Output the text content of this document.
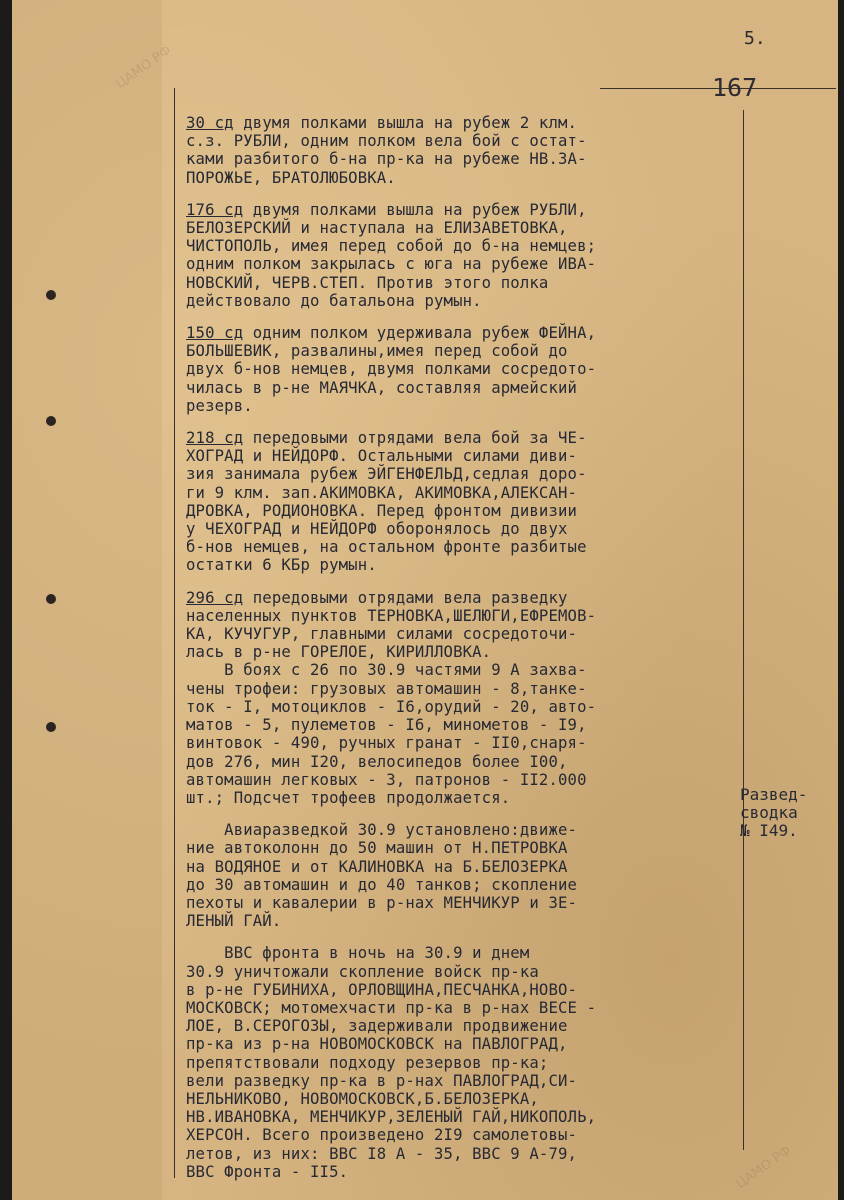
ЦАМО РФ
ЦАМО РФ
5.
167
30 сд двумя полками вышла на рубеж 2 клм.
с.з. РУБЛИ, одним полком вела бой с остат-
ками разбитого б-на пр-ка на рубеже НВ.ЗА-
ПОРОЖЬЕ, БРАТОЛЮБОВКА.
176 сд двумя полками вышла на рубеж РУБЛИ,
БЕЛОЗЕРСКИЙ и наступала на ЕЛИЗАВЕТОВКА,
ЧИСТОПОЛЬ, имея перед собой до б-на немцев;
одним полком закрылась с юга на рубеже ИВА-
НОВСКИЙ, ЧЕРВ.СТЕП. Против этого полка
действовало до батальона румын.
150 сд одним полком удерживала рубеж ФЕЙНА,
БОЛЬШЕВИК, развалины,имея перед собой до
двух б-нов немцев, двумя полками сосредото-
чилась в р-не МАЯЧКА, составляя армейский
резерв.
218 сд передовыми отрядами вела бой за ЧЕ-
ХОГРАД и НЕЙДОРФ. Остальными силами диви-
зия занимала рубеж ЭЙГЕНФЕЛЬД,седлая доро-
ги 9 клм. зап.АКИМОВКА, АКИМОВКА,АЛЕКСАН-
ДРОВКА, РОДИОНОВКА. Перед фронтом дивизии
у ЧЕХОГРАД и НЕЙДОРФ оборонялось до двух
б-нов немцев, на остальном фронте разбитые
остатки 6 КБр румын.
296 сд передовыми отрядами вела разведку
населенных пунктов ТЕРНОВКА,ШЕЛЮГИ,ЕФРЕМОВ-
КА, КУЧУГУР, главными силами сосредоточи-
лась в р-не ГОРЕЛОЕ, КИРИЛЛОВКА.
В боях с 26 по 30.9 частями 9 А захва-
чены трофеи: грузовых автомашин - 8,танке-
ток - I, мотоциклов - I6,орудий - 20, авто-
матов - 5, пулеметов - I6, минометов - I9,
винтовок - 490, ручных гранат - II0,снаря-
дов 276, мин I20, велосипедов более I00,
автомашин легковых - 3, патронов - II2.000
шт.; Подсчет трофеев продолжается.
Авиаразведкой 30.9 установлено:движе-
ние автоколонн до 50 машин от Н.ПЕТРОВКА
на ВОДЯНОЕ и от КАЛИНОВКА на Б.БЕЛОЗЕРКА
до 30 автомашин и до 40 танков; скопление
пехоты и кавалерии в р-нах МЕНЧИКУР и ЗЕ-
ЛЕНЫЙ ГАЙ.
ВВС фронта в ночь на 30.9 и днем
30.9 уничтожали скопление войск пр-ка
в р-не ГУБИНИХА, ОРЛОВЩИНА,ПЕСЧАНКА,НОВО-
МОСКОВСК; мотомехчасти пр-ка в р-нах ВЕСЕ -
ЛОЕ, В.СЕРОГОЗЫ, задерживали продвижение
пр-ка из р-на НОВОМОСКОВСК на ПАВЛОГРАД,
препятствовали подходу резервов пр-ка;
вели разведку пр-ка в р-нах ПАВЛОГРАД,СИ-
НЕЛЬНИКОВО, НОВОМОСКОВСК,Б.БЕЛОЗЕРКА,
НВ.ИВАНОВКА, МЕНЧИКУР,ЗЕЛЕНЫЙ ГАЙ,НИКОПОЛЬ,
ХЕРСОН. Всего произведено 2I9 самолетовы-
летов, из них: ВВС I8 А - 35, ВВС 9 А-79,
ВВС Фронта - II5.
Развед-
сводка
№ I49.
